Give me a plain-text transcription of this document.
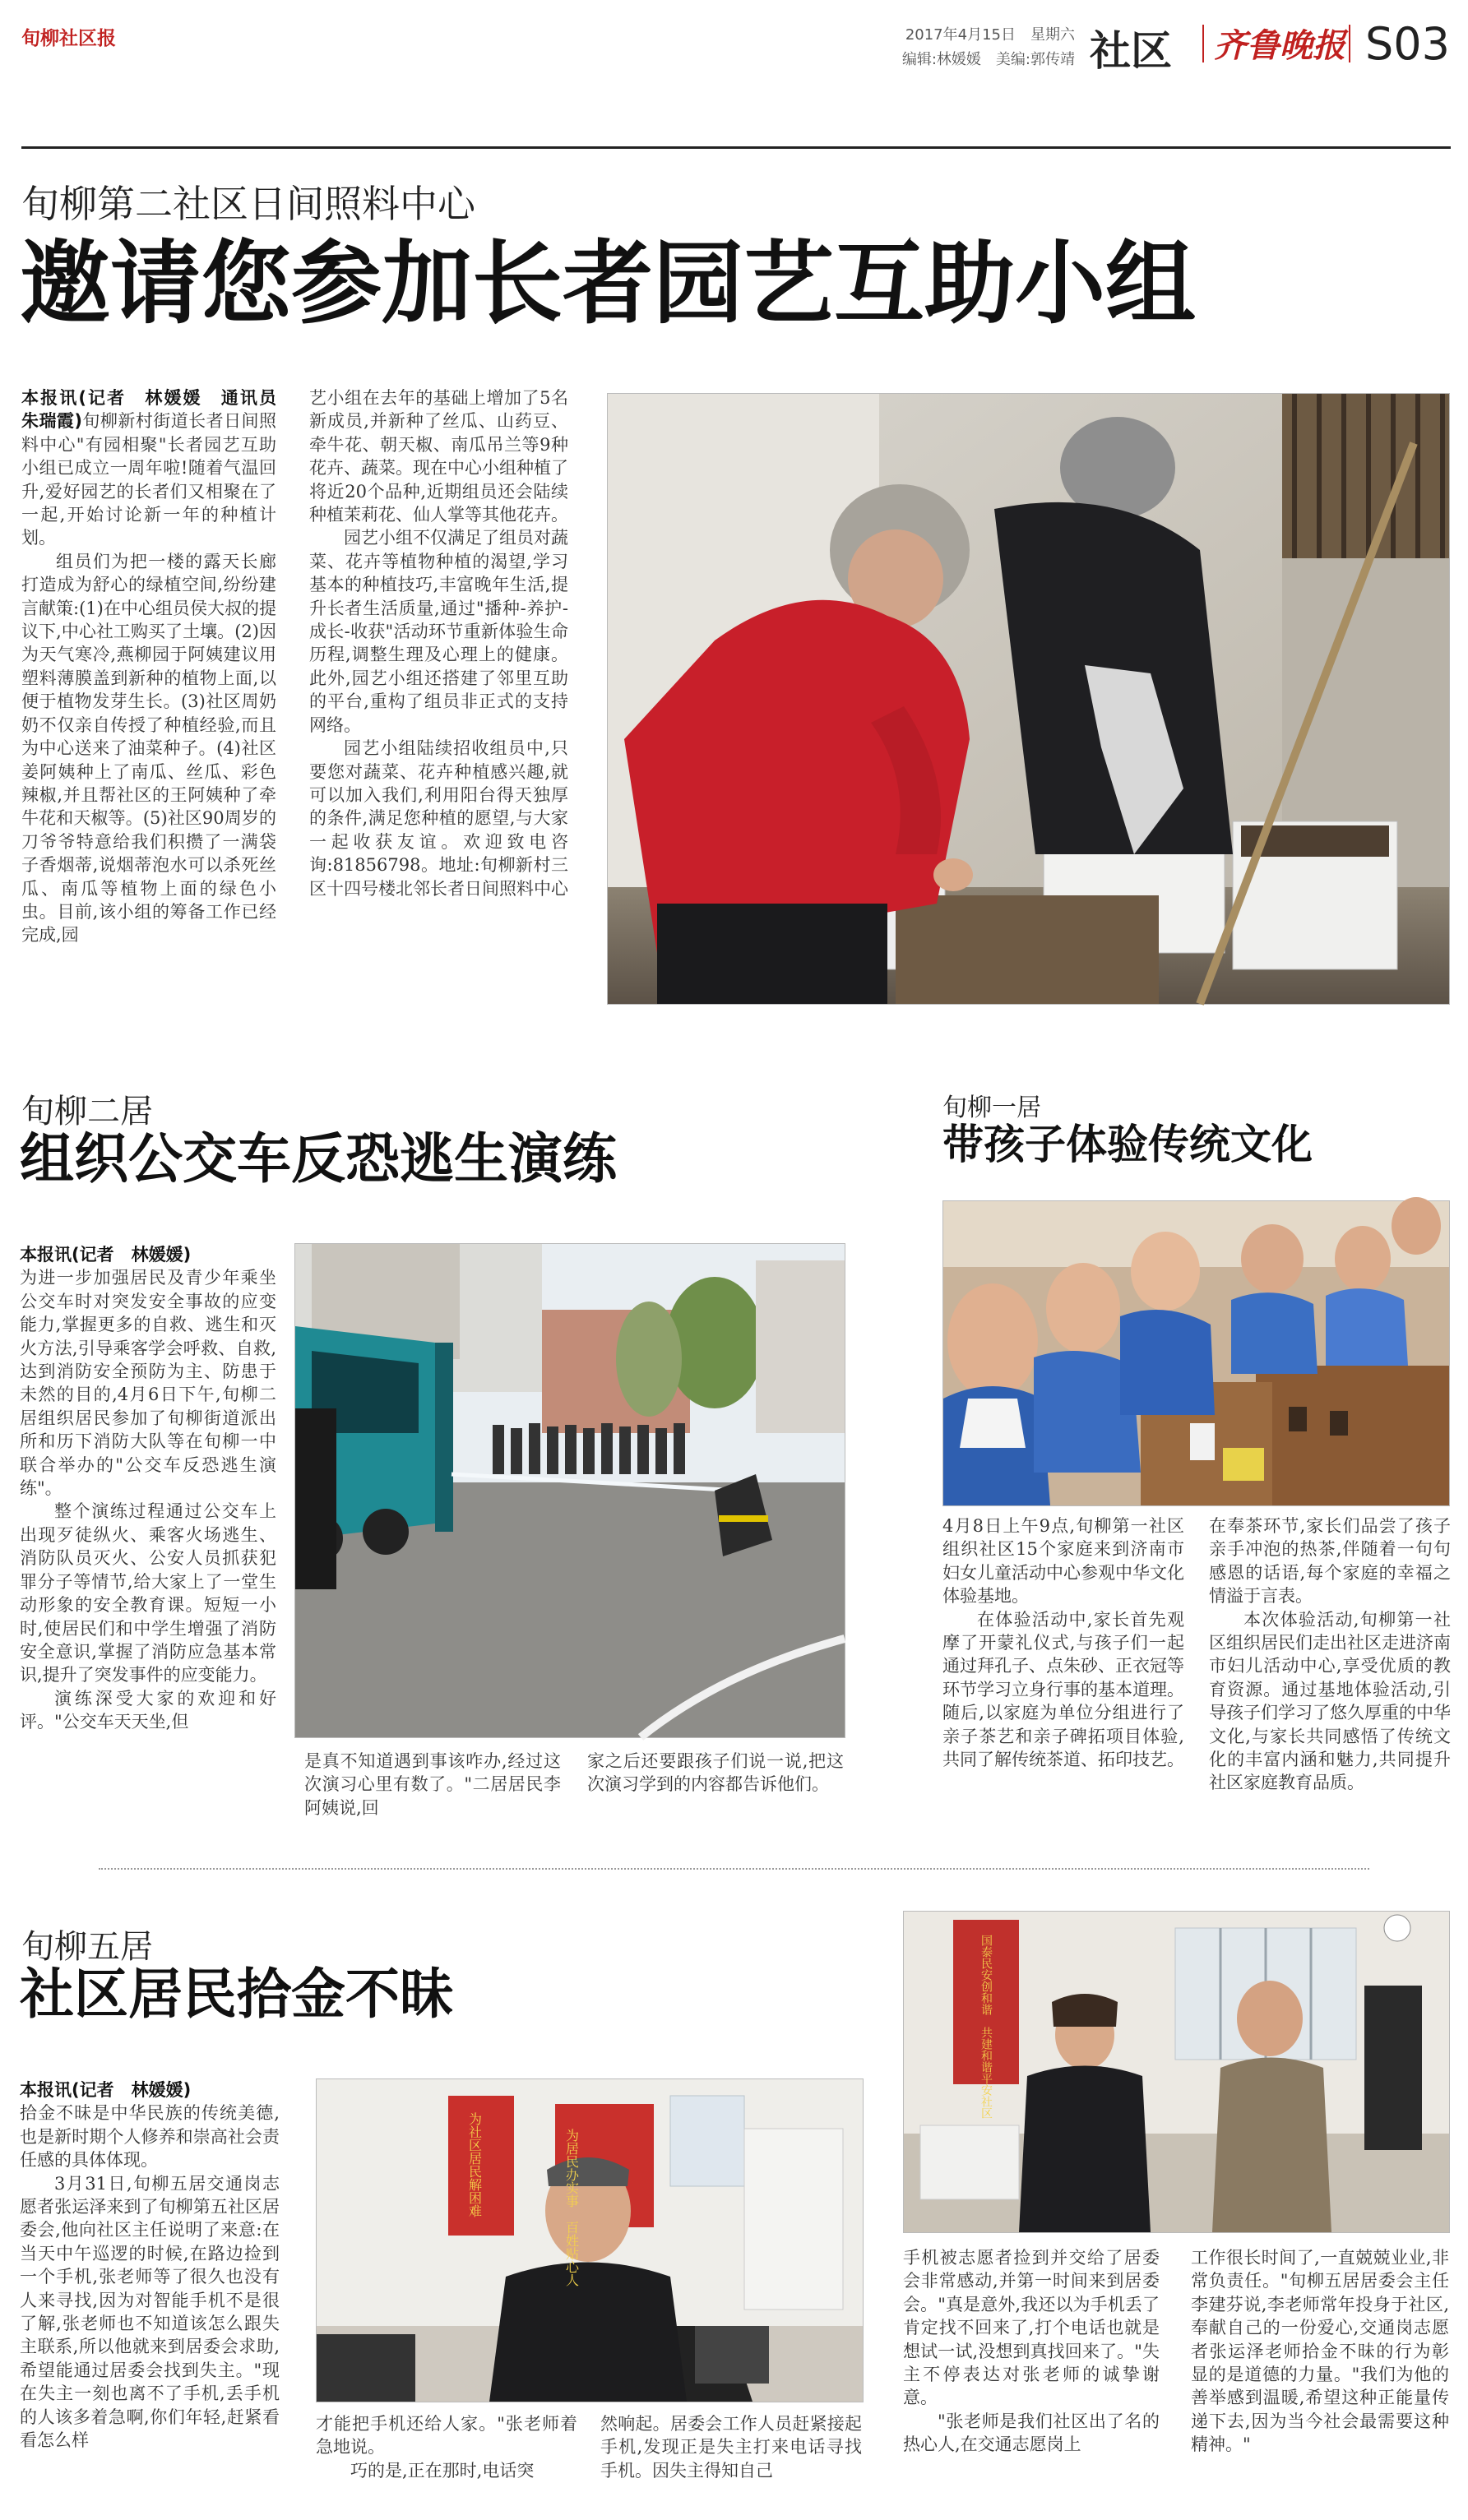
旬柳社区报	2017年4月15日　星期六
编辑:林媛媛　美编:郭传靖 社区 齐鲁晚报 S03
旬柳第二社区日间照料中心
邀请您参加长者园艺互助小组

本报讯(记者　林媛媛　通讯员　朱瑞霞)旬柳新村街道长者日间照料中心"有园相聚"长者园艺互助小组已成立一周年啦!随着气温回升,爱好园艺的长者们又相聚在了一起,开始讨论新一年的种植计划。

组员们为把一楼的露天长廊打造成为舒心的绿植空间,纷纷建言献策:(1)在中心组员侯大叔的提议下,中心社工购买了土壤。(2)因为天气寒冷,燕柳园于阿姨建议用塑料薄膜盖到新种的植物上面,以便于植物发芽生长。(3)社区周奶奶不仅亲自传授了种植经验,而且为中心送来了油菜种子。(4)社区姜阿姨种上了南瓜、丝瓜、彩色辣椒,并且帮社区的王阿姨种了牵牛花和天椒等。(5)社区90周岁的刀爷爷特意给我们积攒了一满袋子香烟蒂,说烟蒂泡水可以杀死丝瓜、南瓜等植物上面的绿色小虫。目前,该小组的筹备工作已经完成,园

艺小组在去年的基础上增加了5名新成员,并新种了丝瓜、山药豆、牵牛花、朝天椒、南瓜吊兰等9种花卉、蔬菜。现在中心小组种植了将近20个品种,近期组员还会陆续种植茉莉花、仙人掌等其他花卉。

园艺小组不仅满足了组员对蔬菜、花卉等植物种植的渴望,学习基本的种植技巧,丰富晚年生活,提升长者生活质量,通过"播种-养护-成长-收获"活动环节重新体验生命历程,调整生理及心理上的健康。此外,园艺小组还搭建了邻里互助的平台,重构了组员非正式的支持网络。

园艺小组陆续招收组员中,只要您对蔬菜、花卉种植感兴趣,就可以加入我们,利用阳台得天独厚的条件,满足您种植的愿望,与大家一起收获友谊。欢迎致电咨询:81856798。地址:旬柳新村三区十四号楼北邻长者日间照料中心

旬柳二居
组织公交车反恐逃生演练

本报讯(记者　林媛媛)

为进一步加强居民及青少年乘坐公交车时对突发安全事故的应变能力,掌握更多的自救、逃生和灭火方法,引导乘客学会呼救、自救,达到消防安全预防为主、防患于未然的目的,4月6日下午,旬柳二居组织居民参加了旬柳街道派出所和历下消防大队等在旬柳一中联合举办的"公交车反恐逃生演练"。

整个演练过程通过公交车上出现歹徒纵火、乘客火场逃生、消防队员灭火、公安人员抓获犯罪分子等情节,给大家上了一堂生动形象的安全教育课。短短一小时,使居民们和中学生增强了消防安全意识,掌握了消防应急基本常识,提升了突发事件的应变能力。

演练深受大家的欢迎和好评。"公交车天天坐,但

是真不知道遇到事该咋办,经过这次演习心里有数了。"二居居民李阿姨说,回

家之后还要跟孩子们说一说,把这次演习学到的内容都告诉他们。

旬柳一居
带孩子体验传统文化

4月8日上午9点,旬柳第一社区组织社区15个家庭来到济南市妇女儿童活动中心参观中华文化体验基地。

在体验活动中,家长首先观摩了开蒙礼仪式,与孩子们一起通过拜孔子、点朱砂、正衣冠等环节学习立身行事的基本道理。随后,以家庭为单位分组进行了亲子茶艺和亲子碑拓项目体验,共同了解传统茶道、拓印技艺。

在奉茶环节,家长们品尝了孩子亲手冲泡的热茶,伴随着一句句感恩的话语,每个家庭的幸福之情溢于言表。

本次体验活动,旬柳第一社区组织居民们走出社区走进济南市妇儿活动中心,享受优质的教育资源。通过基地体验活动,引导孩子们学习了悠久厚重的中华文化,与家长共同感悟了传统文化的丰富内涵和魅力,共同提升社区家庭教育品质。

旬柳五居
社区居民拾金不昧

本报讯(记者　林媛媛)

拾金不昧是中华民族的传统美德,也是新时期个人修养和崇高社会责任感的具体体现。

3月31日,旬柳五居交通岗志愿者张运泽来到了旬柳第五社区居委会,他向社区主任说明了来意:在当天中午巡逻的时候,在路边捡到一个手机,张老师等了很久也没有人来寻找,因为对智能手机不是很了解,张老师也不知道该怎么跟失主联系,所以他就来到居委会求助,希望能通过居委会找到失主。"现在失主一刻也离不了手机,丢手机的人该多着急啊,你们年轻,赶紧看看怎么样

为居民办实事　百姓贴心人
为社区居民解困难

才能把手机还给人家。"张老师着急地说。

巧的是,正在那时,电话突

然响起。居委会工作人员赶紧接起手机,发现正是失主打来电话寻找手机。因失主得知自己

国泰民安创和谐　共建和谐平安社区

手机被志愿者捡到并交给了居委会非常感动,并第一时间来到居委会。"真是意外,我还以为手机丢了肯定找不回来了,打个电话也就是想试一试,没想到真找回来了。"失主不停表达对张老师的诚挚谢意。

"张老师是我们社区出了名的热心人,在交通志愿岗上

工作很长时间了,一直兢兢业业,非常负责任。"旬柳五居居委会主任李建芬说,李老师常年投身于社区,奉献自己的一份爱心,交通岗志愿者张运泽老师拾金不昧的行为彰显的是道德的力量。"我们为他的善举感到温暖,希望这种正能量传递下去,因为当今社会最需要这种精神。"
